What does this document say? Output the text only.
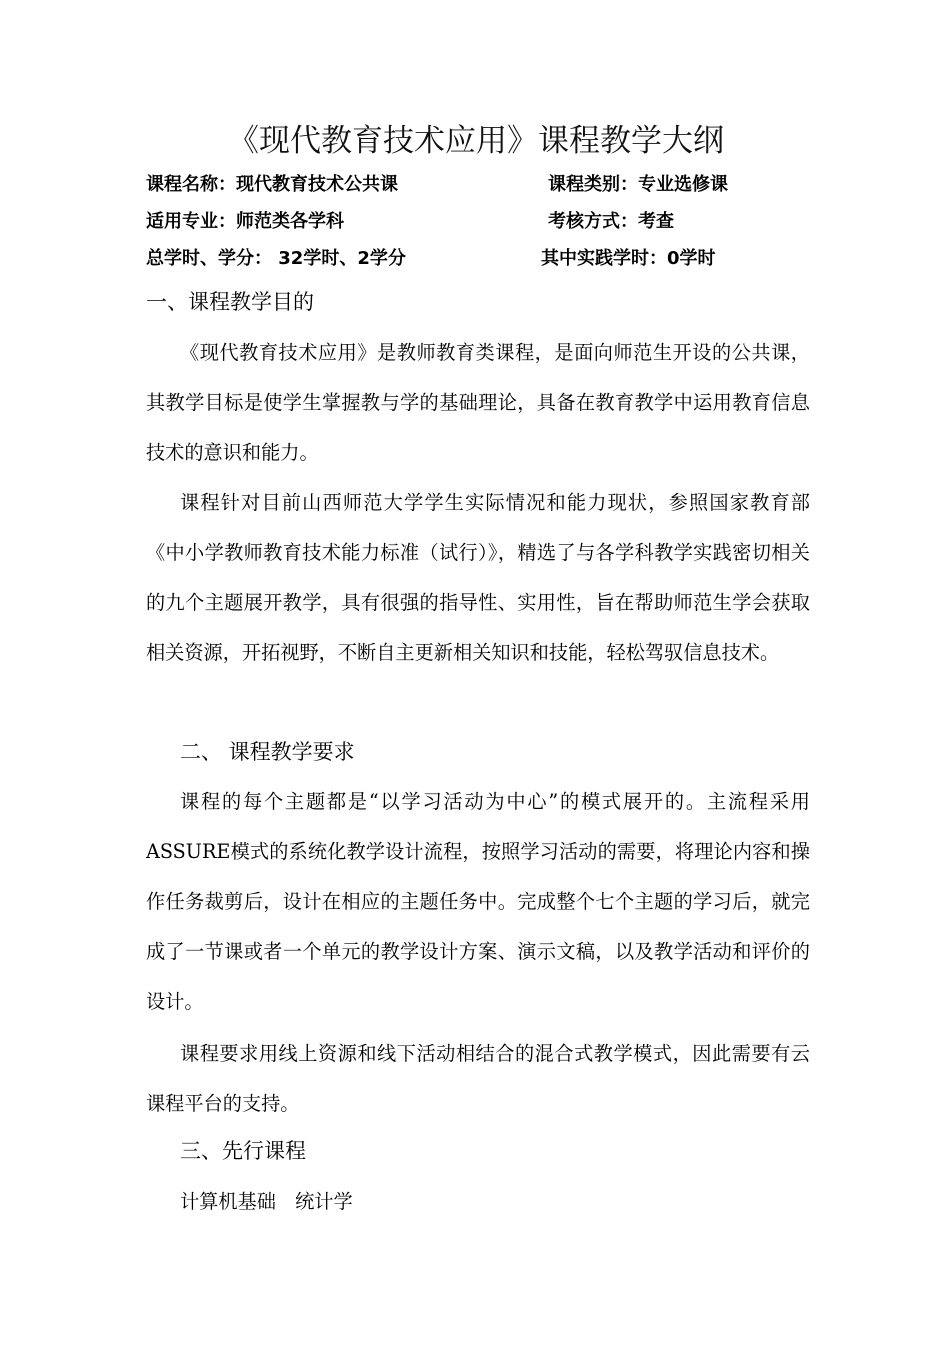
《现代教育技术应用》课程教学大纲
课程名称：现代教育技术公共课	课程类别：专业选修课
适用专业：师范类各学科	考核方式：考查
总学时、学分： 32学时、2学分	其中实践学时：0学时
一、课程教学目的

《现代教育技术应用》是教师教育类课程，是面向师范生开设的公共课，其教学目标是使学生掌握教与学的基础理论，具备在教育教学中运用教育信息技术的意识和能力。

课程针对目前山西师范大学学生实际情况和能力现状，参照国家教育部《中小学教师教育技术能力标准（试行）》，精选了与各学科教学实践密切相关的九个主题展开教学，具有很强的指导性、实用性，旨在帮助师范生学会获取相关资源，开拓视野，不断自主更新相关知识和技能，轻松驾驭信息技术。

二、 课程教学要求

课程的每个主题都是“以学习活动为中心”的模式展开的。主流程采用ASSURE模式的系统化教学设计流程，按照学习活动的需要，将理论内容和操作任务裁剪后，设计在相应的主题任务中。完成整个七个主题的学习后，就完成了一节课或者一个单元的教学设计方案、演示文稿，以及教学活动和评价的设计。

课程要求用线上资源和线下活动相结合的混合式教学模式，因此需要有云课程平台的支持。

三、先行课程

计算机基础　统计学
